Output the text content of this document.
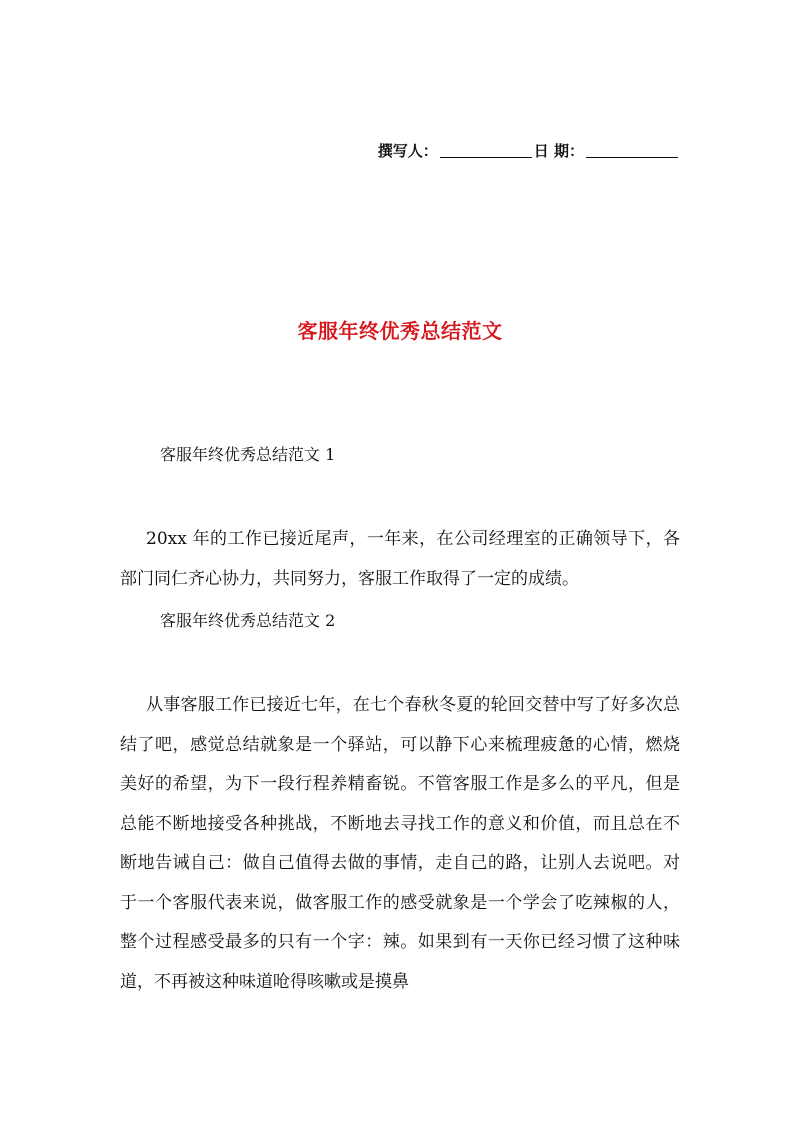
撰写人：	日 期：
客服年终优秀总结范文
客服年终优秀总结范文 1
20xx 年的工作已接近尾声，一年来，在公司经理室的正确领导下，各部门同仁齐心协力，共同努力，客服工作取得了一定的成绩。
客服年终优秀总结范文 2
从事客服工作已接近七年，在七个春秋冬夏的轮回交替中写了好多次总结了吧，感觉总结就象是一个驿站，可以静下心来梳理疲惫的心情，燃烧美好的希望，为下一段行程养精畜锐。不管客服工作是多么的平凡，但是总能不断地接受各种挑战，不断地去寻找工作的意义和价值，而且总在不断地告诫自己：做自己值得去做的事情，走自己的路，让别人去说吧。对于一个客服代表来说，做客服工作的感受就象是一个学会了吃辣椒的人，整个过程感受最多的只有一个字：辣。如果到有一天你已经习惯了这种味道，不再被这种味道呛得咳嗽或是摸鼻
